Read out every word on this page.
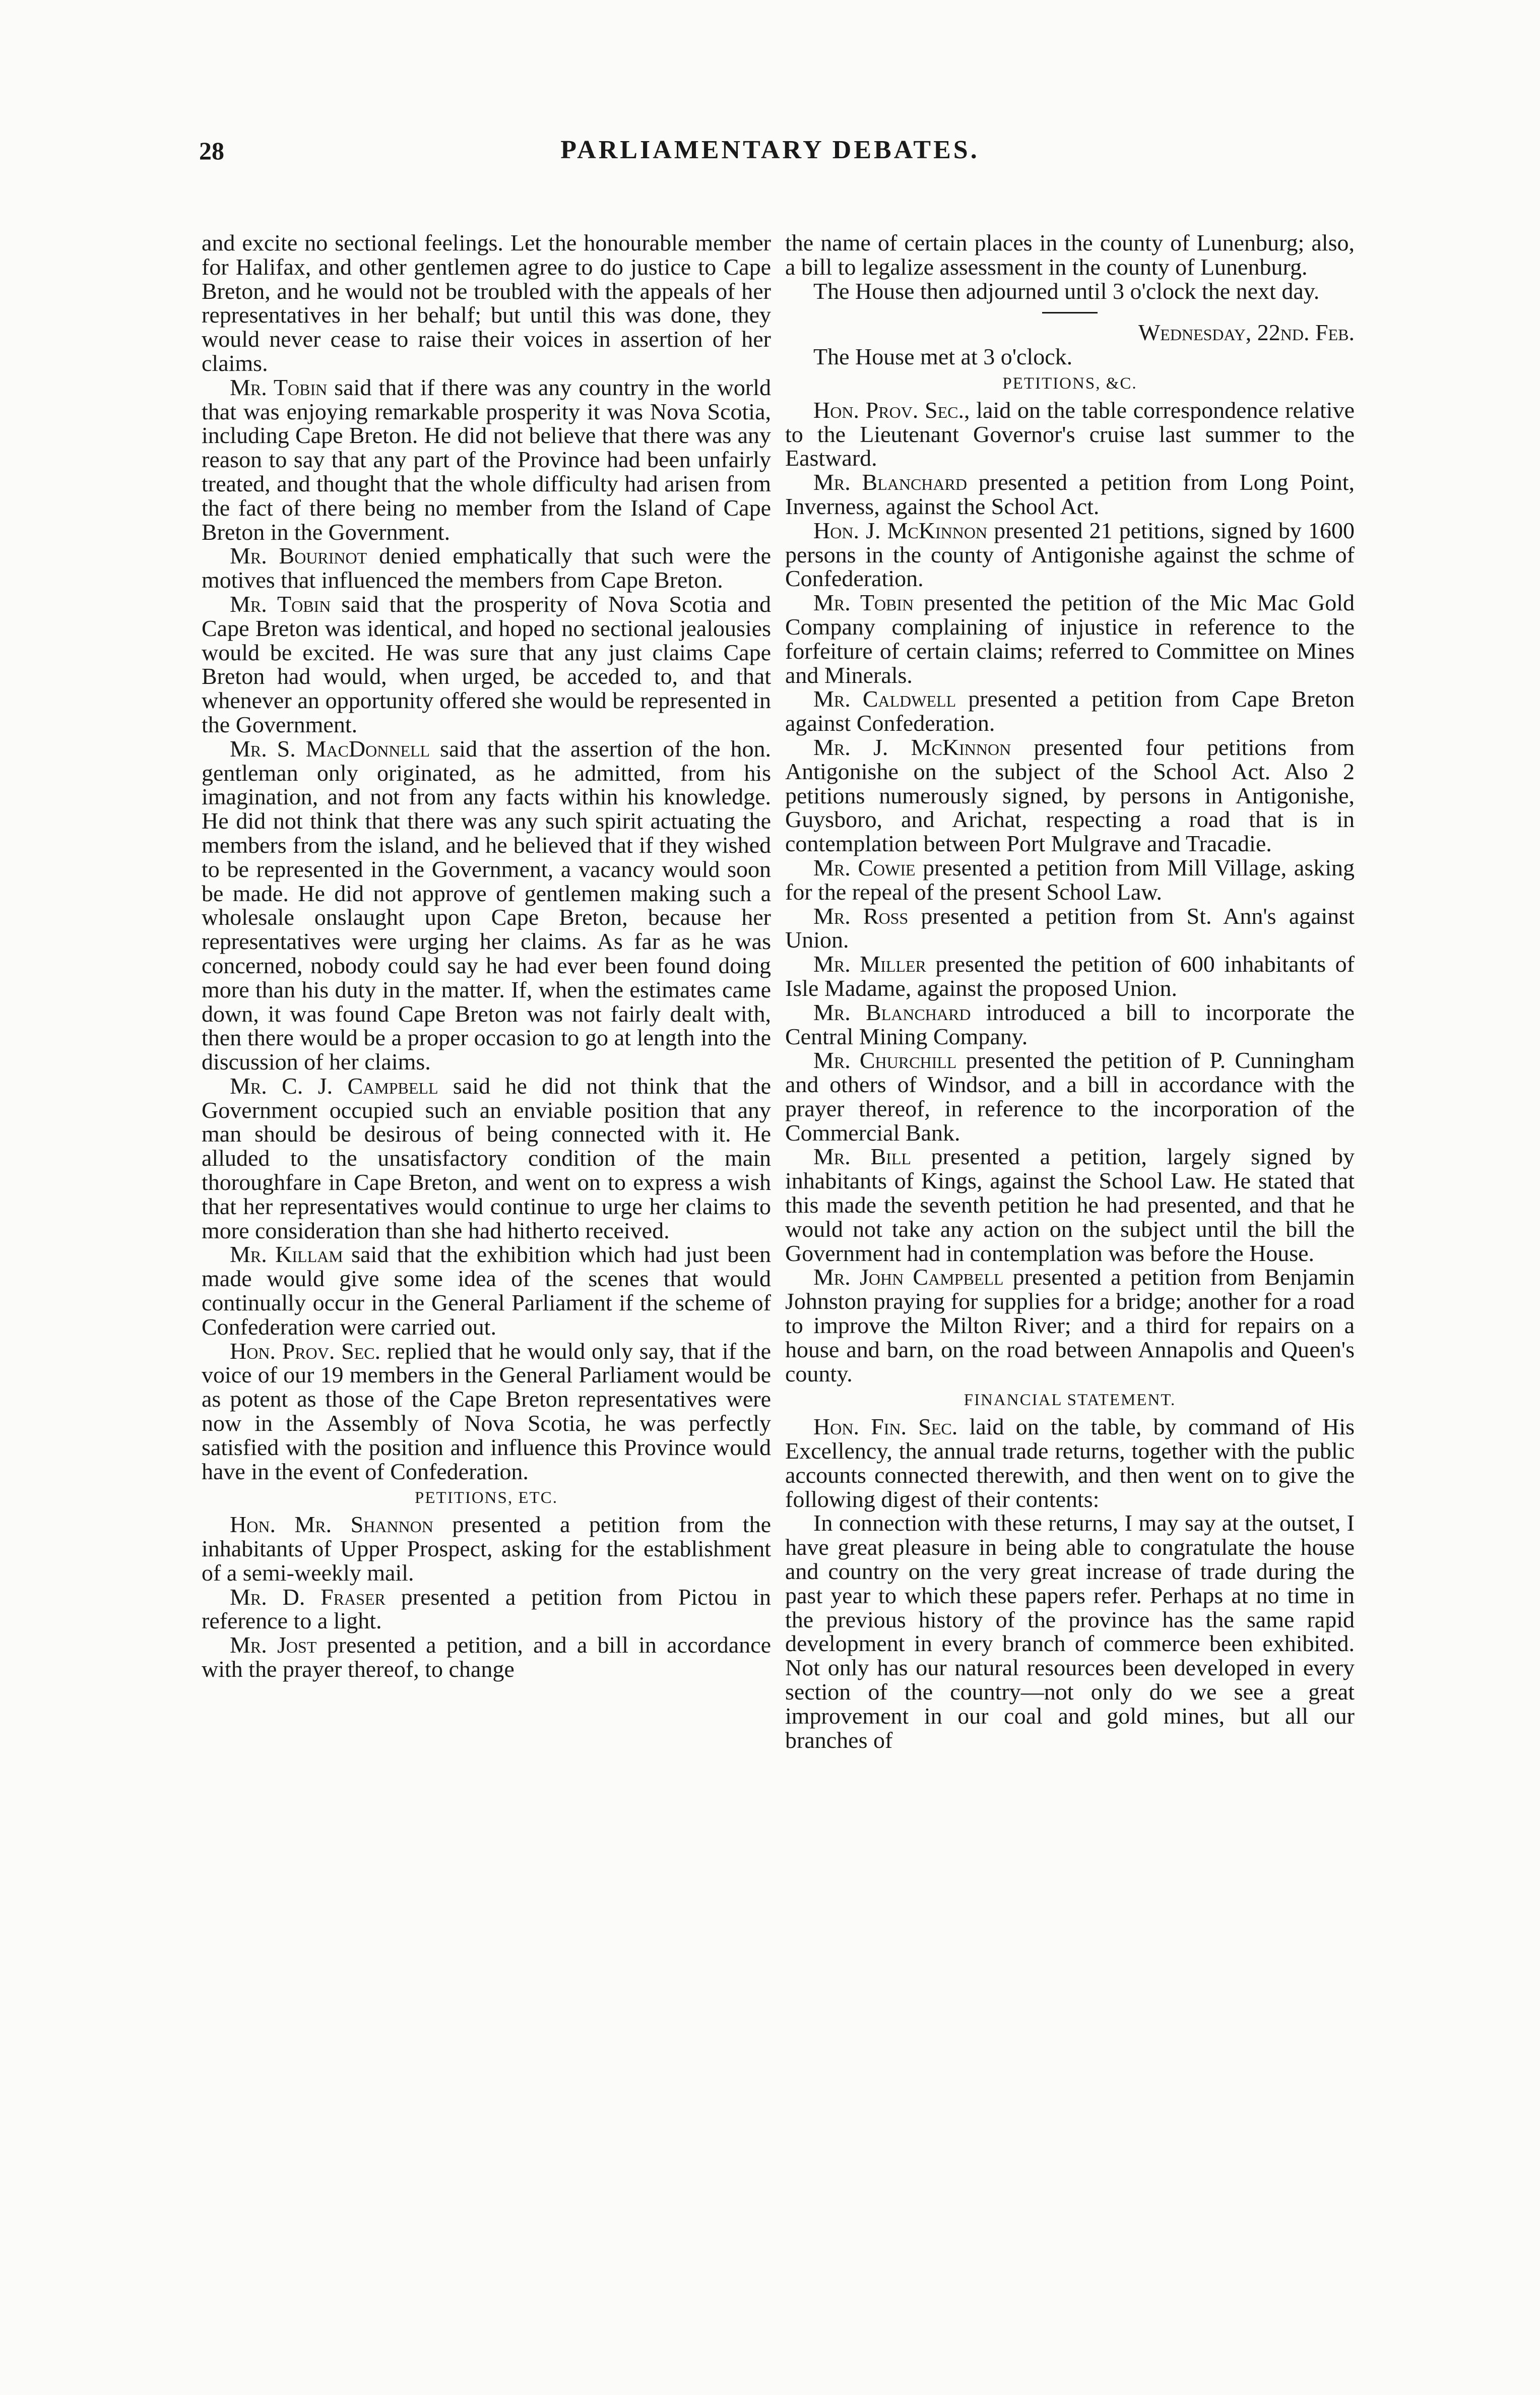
28	PARLIAMENTARY DEBATES.

and excite no sectional feelings. Let the honourable member for Halifax, and other gentlemen agree to do justice to Cape Breton, and he would not be troubled with the appeals of her representatives in her behalf; but until this was done, they would never cease to raise their voices in assertion of her claims.

Mr. Tobin said that if there was any country in the world that was enjoying remarkable prosperity it was Nova Scotia, including Cape Breton. He did not believe that there was any reason to say that any part of the Province had been unfairly treated, and thought that the whole difficulty had arisen from the fact of there being no member from the Island of Cape Breton in the Government.

Mr. Bourinot denied emphatically that such were the motives that influenced the members from Cape Breton.

Mr. Tobin said that the prosperity of Nova Scotia and Cape Breton was identical, and hoped no sectional jealousies would be excited. He was sure that any just claims Cape Breton had would, when urged, be acceded to, and that whenever an opportunity offered she would be represented in the Government.

Mr. S. MacDonnell said that the assertion of the hon. gentleman only originated, as he admitted, from his imagination, and not from any facts within his knowledge. He did not think that there was any such spirit actuating the members from the island, and he believed that if they wished to be represented in the Government, a vacancy would soon be made. He did not approve of gentlemen making such a wholesale onslaught upon Cape Breton, because her representatives were urging her claims. As far as he was concerned, nobody could say he had ever been found doing more than his duty in the matter. If, when the estimates came down, it was found Cape Breton was not fairly dealt with, then there would be a proper occasion to go at length into the discussion of her claims.

Mr. C. J. Campbell said he did not think that the Government occupied such an enviable position that any man should be desirous of being connected with it. He alluded to the unsatisfactory condition of the main thoroughfare in Cape Breton, and went on to express a wish that her representatives would continue to urge her claims to more consideration than she had hitherto received.

Mr. Killam said that the exhibition which had just been made would give some idea of the scenes that would continually occur in the General Parliament if the scheme of Confederation were carried out.

Hon. Prov. Sec. replied that he would only say, that if the voice of our 19 members in the General Parliament would be as potent as those of the Cape Breton representatives were now in the Assembly of Nova Scotia, he was perfectly satisfied with the position and influence this Province would have in the event of Confederation.

PETITIONS, ETC.

Hon. Mr. Shannon presented a petition from the inhabitants of Upper Prospect, asking for the establishment of a semi-weekly mail.

Mr. D. Fraser presented a petition from Pictou in reference to a light.

Mr. Jost presented a petition, and a bill in accordance with the prayer thereof, to change

the name of certain places in the county of Lunenburg; also, a bill to legalize assessment in the county of Lunenburg.

The House then adjourned until 3 o'clock the next day.

Wednesday, 22nd. Feb.

The House met at 3 o'clock.

PETITIONS, &C.

Hon. Prov. Sec., laid on the table correspondence relative to the Lieutenant Governor's cruise last summer to the Eastward.

Mr. Blanchard presented a petition from Long Point, Inverness, against the School Act.

Hon. J. McKinnon presented 21 petitions, signed by 1600 persons in the county of Antigonishe against the schme of Confederation.

Mr. Tobin presented the petition of the Mic Mac Gold Company complaining of injustice in reference to the forfeiture of certain claims; referred to Committee on Mines and Minerals.

Mr. Caldwell presented a petition from Cape Breton against Confederation.

Mr. J. McKinnon presented four petitions from Antigonishe on the subject of the School Act. Also 2 petitions numerously signed, by persons in Antigonishe, Guysboro, and Arichat, respecting a road that is in contemplation between Port Mulgrave and Tracadie.

Mr. Cowie presented a petition from Mill Village, asking for the repeal of the present School Law.

Mr. Ross presented a petition from St. Ann's against Union.

Mr. Miller presented the petition of 600 inhabitants of Isle Madame, against the proposed Union.

Mr. Blanchard introduced a bill to incorporate the Central Mining Company.

Mr. Churchill presented the petition of P. Cunningham and others of Windsor, and a bill in accordance with the prayer thereof, in reference to the incorporation of the Commercial Bank.

Mr. Bill presented a petition, largely signed by inhabitants of Kings, against the School Law. He stated that this made the seventh petition he had presented, and that he would not take any action on the subject until the bill the Government had in contemplation was before the House.

Mr. John Campbell presented a petition from Benjamin Johnston praying for supplies for a bridge; another for a road to improve the Milton River; and a third for repairs on a house and barn, on the road between Annapolis and Queen's county.

FINANCIAL STATEMENT.

Hon. Fin. Sec. laid on the table, by command of His Excellency, the annual trade returns, together with the public accounts connected therewith, and then went on to give the following digest of their contents:

In connection with these returns, I may say at the outset, I have great pleasure in being able to congratulate the house and country on the very great increase of trade during the past year to which these papers refer. Perhaps at no time in the previous history of the province has the same rapid development in every branch of commerce been exhibited. Not only has our natural resources been developed in every section of the country—not only do we see a great improvement in our coal and gold mines, but all our branches of
